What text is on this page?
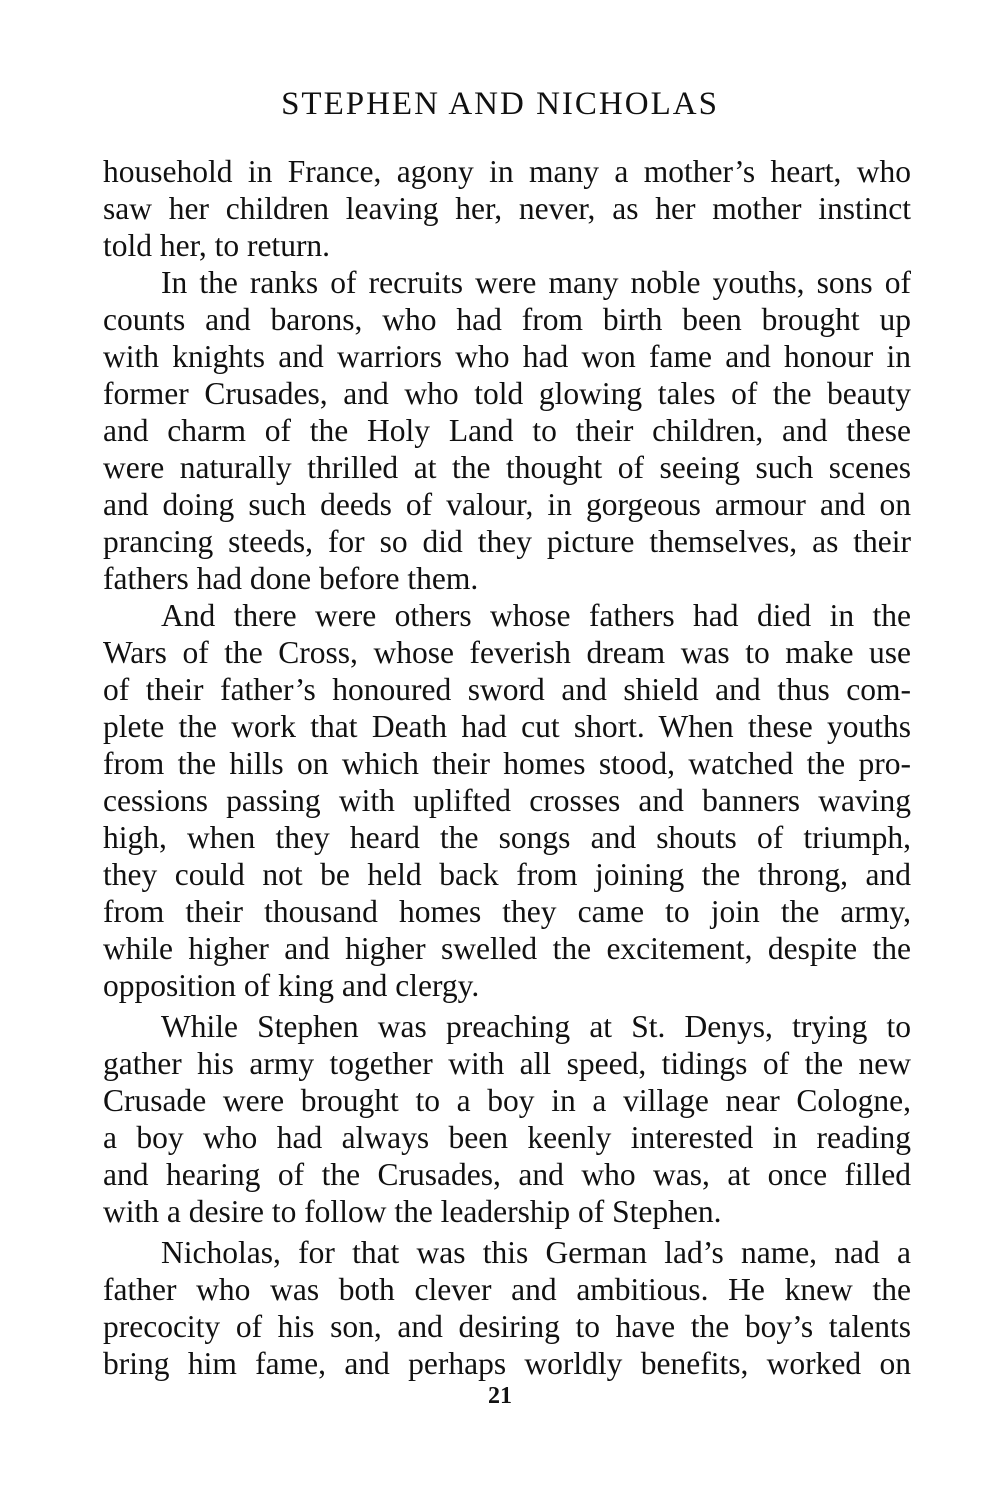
STEPHEN AND NICHOLAS
household in France, agony in many a mother’s heart, who
saw her children leaving her, never, as her mother instinct
told her, to return.
In the ranks of recruits were many noble youths, sons of
counts and barons, who had from birth been brought up
with knights and warriors who had won fame and honour in
former Crusades, and who told glowing tales of the beauty
and charm of the Holy Land to their children, and these
were naturally thrilled at the thought of seeing such scenes
and doing such deeds of valour, in gorgeous armour and on
prancing steeds, for so did they picture themselves, as their
fathers had done before them.
And there were others whose fathers had died in the
Wars of the Cross, whose feverish dream was to make use
of their father’s honoured sword and shield and thus com-
plete the work that Death had cut short. When these youths
from the hills on which their homes stood, watched the pro-
cessions passing with uplifted crosses and banners waving
high, when they heard the songs and shouts of triumph,
they could not be held back from joining the throng, and
from their thousand homes they came to join the army,
while higher and higher swelled the excitement, despite the
opposition of king and clergy.
While Stephen was preaching at St. Denys, trying to
gather his army together with all speed, tidings of the new
Crusade were brought to a boy in a village near Cologne,
a boy who had always been keenly interested in reading
and hearing of the Crusades, and who was, at once filled
with a desire to follow the leadership of Stephen.
Nicholas, for that was this German lad’s name, nad a
father who was both clever and ambitious. He knew the
precocity of his son, and desiring to have the boy’s talents
bring him fame, and perhaps worldly benefits, worked on
21
